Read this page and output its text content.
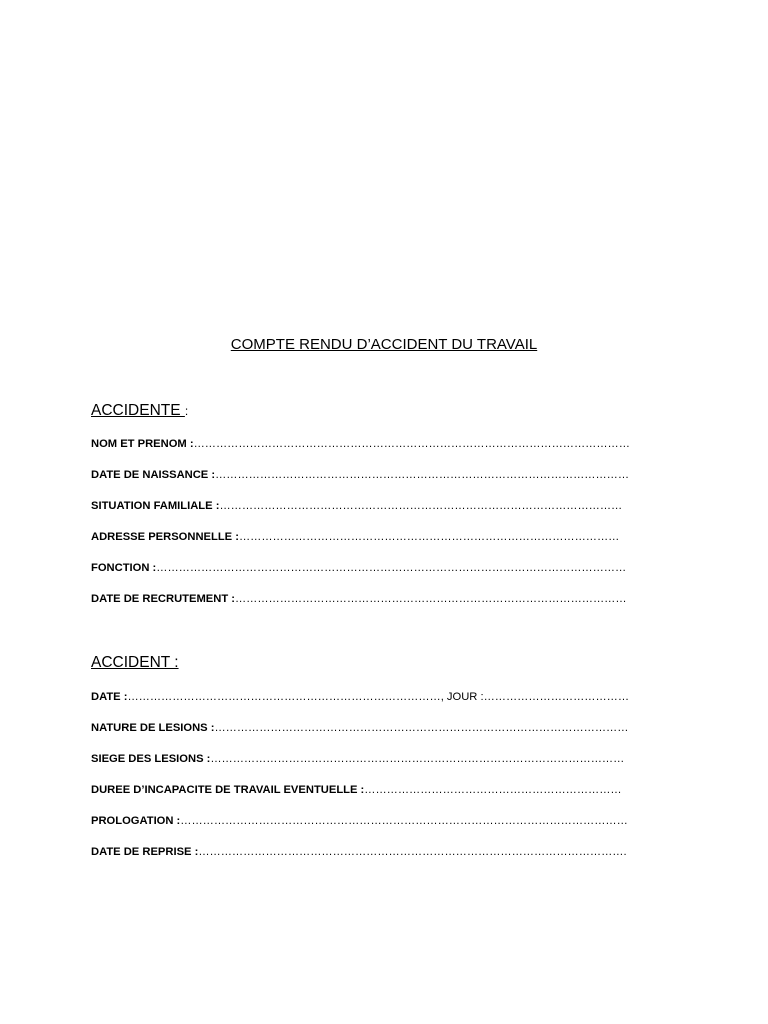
COMPTE RENDU D’ACCIDENT DU TRAVAIL
ACCIDENTE :
NOM ET PRENOM :………………………………………………………………………………………………………
DATE DE NAISSANCE :…………………………………………………………………………………………………
SITUATION FAMILIALE :………………………………………………………………………………………………
ADRESSE PERSONNELLE :…………………………………………………………………………………………
FONCTION :………………………………………………………………………………………………………………
DATE DE RECRUTEMENT :……………………………………………………………………………………………
ACCIDENT :
DATE :…………………………………………………………………………, JOUR :…………………………………
NATURE DE LESIONS :…………………………………………………………………………………………………
SIEGE DES LESIONS :…………………………………………………………………………………………………
DUREE D’INCAPACITE DE TRAVAIL EVENTUELLE :……………………………………………………………
PROLOGATION :…………………………………………………………………………………………………………
DATE DE REPRISE :…………………………………………………………………………………………………….
